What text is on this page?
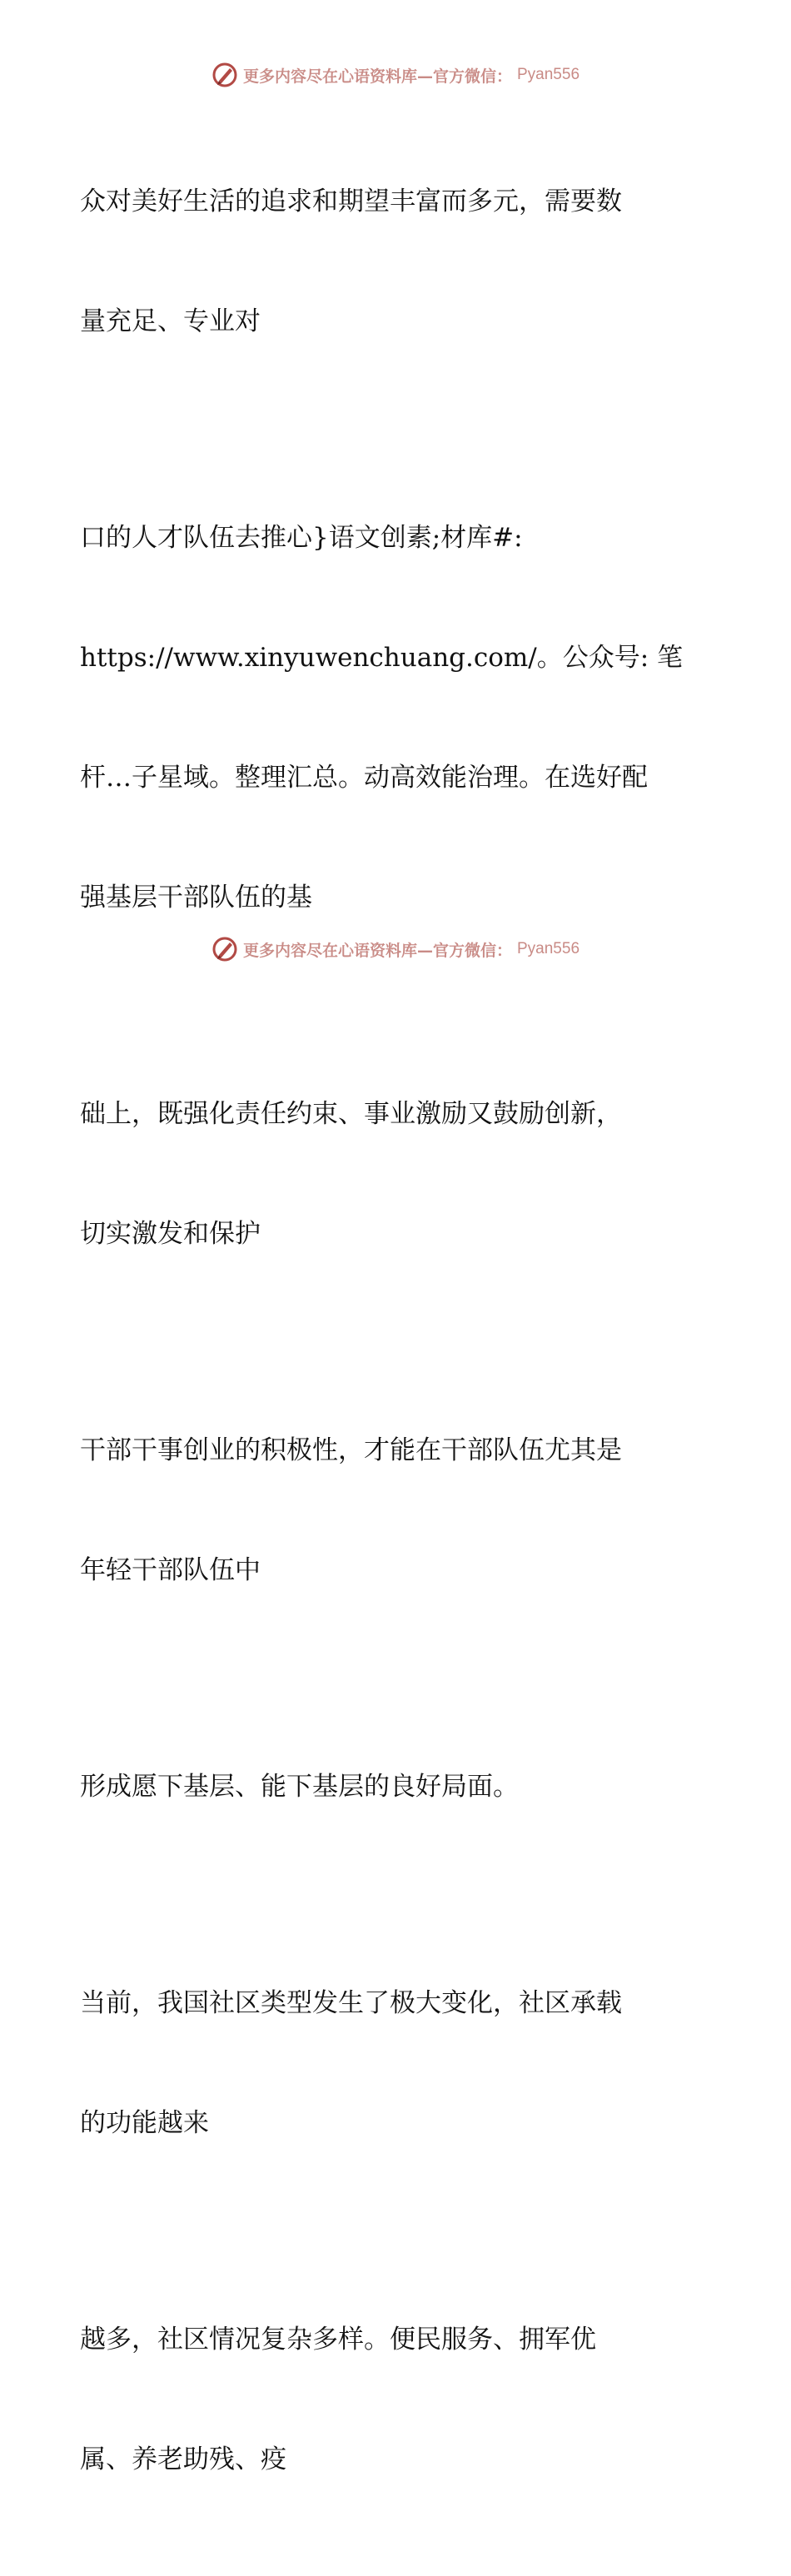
更多内容尽在心语资料库—官方微信： Pyan556

众对美好生活的追求和期望丰富而多元，需要数

量充足、专业对

口的人才队伍去推心}语文创素;材库#:

https://www.xinyuwenchuang.com/。公众号: 笔

杆…子星域。整理汇总。动高效能治理。在选好配

强基层干部队伍的基

础上，既强化责任约束、事业激励又鼓励创新，

切实激发和保护

干部干事创业的积极性，才能在干部队伍尤其是

年轻干部队伍中

形成愿下基层、能下基层的良好局面。

当前，我国社区类型发生了极大变化，社区承载

的功能越来

越多，社区情况复杂多样。便民服务、拥军优

属、养老助残、疫

更多内容尽在心语资料库—官方微信： Pyan556
